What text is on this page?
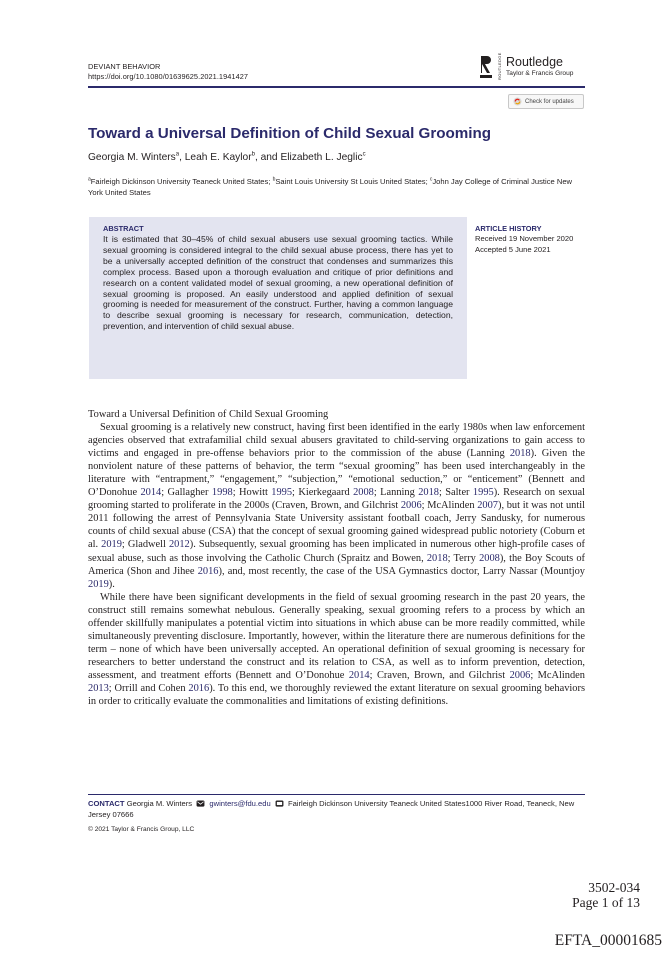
DEVIANT BEHAVIOR
https://doi.org/10.1080/01639625.2021.1941427	ROUTLEDGE Routledge
Taylor & Francis Group
Check for updates
Toward a Universal Definition of Child Sexual Grooming
Georgia M. Winters$^a$, Leah E. Kaylor$^b$, and Elizabeth L. Jeglic$^c$
$^a$Fairleigh Dickinson University Teaneck United States; $^b$Saint Louis University St Louis United States; $^c$John Jay College of Criminal Justice New York United States
ABSTRACT
It is estimated that 30–45% of child sexual abusers use sexual grooming tactics. While sexual grooming is considered integral to the child sexual abuse process, there has yet to be a universally accepted definition of the construct that condenses and summarizes this complex process. Based upon a thorough evaluation and critique of prior definitions and research on a content validated model of sexual grooming, a new operational definition of sexual grooming is proposed. An easily understood and applied definition of sexual grooming is needed for measurement of the construct. Further, having a common language to describe sexual grooming is necessary for research, communication, detection, prevention, and intervention of child sexual abuse.
ARTICLE HISTORY
Received 19 November 2020
Accepted 5 June 2021
Toward a Universal Definition of Child Sexual Grooming

Sexual grooming is a relatively new construct, having first been identified in the early 1980s when law enforcement agencies observed that extrafamilial child sexual abusers gravitated to child-serving organizations to gain access to victims and engaged in pre-offense behaviors prior to the commission of the abuse (Lanning 2018). Given the nonviolent nature of these patterns of behavior, the term “sexual grooming” has been used interchangeably in the literature with “entrapment,” “engagement,” “subjection,” “emotional seduction,” or “enticement” (Bennett and O’Donohue 2014; Gallagher 1998; Howitt 1995; Kierkegaard 2008; Lanning 2018; Salter 1995). Research on sexual grooming started to proliferate in the 2000s (Craven, Brown, and Gilchrist 2006; McAlinden 2007), but it was not until 2011 following the arrest of Pennsylvania State University assistant football coach, Jerry Sandusky, for numerous counts of child sexual abuse (CSA) that the concept of sexual grooming gained widespread public notoriety (Coburn et al. 2019; Gladwell 2012). Subsequently, sexual grooming has been implicated in numerous other high-profile cases of sexual abuse, such as those involving the Catholic Church (Spraitz and Bowen, 2018; Terry 2008), the Boy Scouts of America (Shon and Jihee 2016), and, most recently, the case of the USA Gymnastics doctor, Larry Nassar (Mountjoy 2019).

While there have been significant developments in the field of sexual grooming research in the past 20 years, the construct still remains somewhat nebulous. Generally speaking, sexual grooming refers to a process by which an offender skillfully manipulates a potential victim into situations in which abuse can be more readily committed, while simultaneously preventing disclosure. Importantly, however, within the literature there are numerous definitions for the term – none of which have been universally accepted. An operational definition of sexual grooming is necessary for researchers to better understand the construct and its relation to CSA, as well as to inform prevention, detection, assessment, and treatment efforts (Bennett and O’Donohue 2014; Craven, Brown, and Gilchrist 2006; McAlinden 2013; Orrill and Cohen 2016). To this end, we thoroughly reviewed the extant literature on sexual grooming behaviors in order to critically evaluate the commonalities and limitations of existing definitions.

CONTACT Georgia M. Winters gwinters@fdu.edu Fairleigh Dickinson University Teaneck United States1000 River Road, Teaneck, New Jersey 07666
© 2021 Taylor & Francis Group, LLC
3502-034
Page 1 of 13
EFTA_00001685
